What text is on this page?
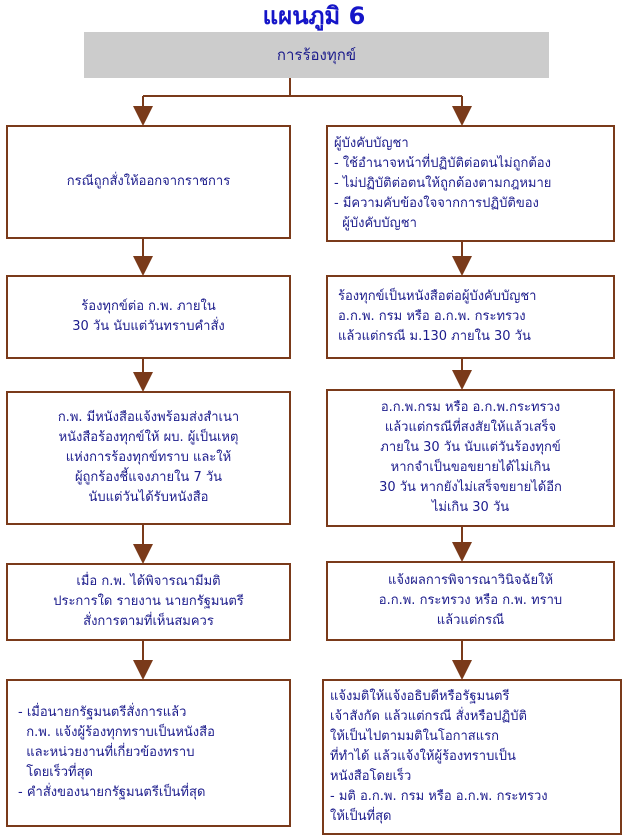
แผนภูมิ 6
การร้องทุกข์
กรณีถูกสั่งให้ออกจากราชการ
ร้องทุกข์ต่อ ก.พ. ภายใน
30 วัน นับแต่วันทราบคำสั่ง
ก.พ. มีหนังสือแจ้งพร้อมส่งสำเนา
หนังสือร้องทุกข์ให้ ผบ. ผู้เป็นเหตุ
แห่งการร้องทุกข์ทราบ และให้
ผู้ถูกร้องชี้แจงภายใน 7 วัน
นับแต่วันได้รับหนังสือ
เมื่อ ก.พ. ได้พิจารณามีมติ
ประการใด รายงาน นายกรัฐมนตรี
สั่งการตามที่เห็นสมควร
- เมื่อนายกรัฐมนตรีสั่งการแล้ว
ก.พ. แจ้งผู้ร้องทุกทราบเป็นหนังสือ
และหน่วยงานที่เกี่ยวข้องทราบ
โดยเร็วที่สุด
- คำสั่งของนายกรัฐมนตรีเป็นที่สุด
ผู้บังคับบัญชา
- ใช้อำนาจหน้าที่ปฏิบัติต่อตนไม่ถูกต้อง
- ไม่ปฏิบัติต่อตนให้ถูกต้องตามกฎหมาย
- มีความคับข้องใจจากการปฏิบัติของ
ผู้บังคับบัญชา
ร้องทุกข์เป็นหนังสือต่อผู้บังคับบัญชา
อ.ก.พ. กรม หรือ อ.ก.พ. กระทรวง
แล้วแต่กรณี ม.130 ภายใน 30 วัน
อ.ก.พ.กรม หรือ อ.ก.พ.กระทรวง
แล้วแต่กรณีที่สงสัยให้แล้วเสร็จ
ภายใน 30 วัน นับแต่วันร้องทุกข์
หากจำเป็นขอขยายได้ไม่เกิน
30 วัน หากยังไม่เสร็จขยายได้อีก
ไม่เกิน 30 วัน
แจ้งผลการพิจารณาวินิจฉัยให้
อ.ก.พ. กระทรวง หรือ ก.พ. ทราบ
แล้วแต่กรณี
แจ้งมติให้แจ้งอธิบดีหรือรัฐมนตรี
เจ้าสังกัด แล้วแต่กรณี สั่งหรือปฏิบัติ
ให้เป็นไปตามมติในโอกาสแรก
ที่ทำได้ แล้วแจ้งให้ผู้ร้องทราบเป็น
หนังสือโดยเร็ว
- มติ อ.ก.พ. กรม หรือ อ.ก.พ. กระทรวง
ให้เป็นที่สุด
